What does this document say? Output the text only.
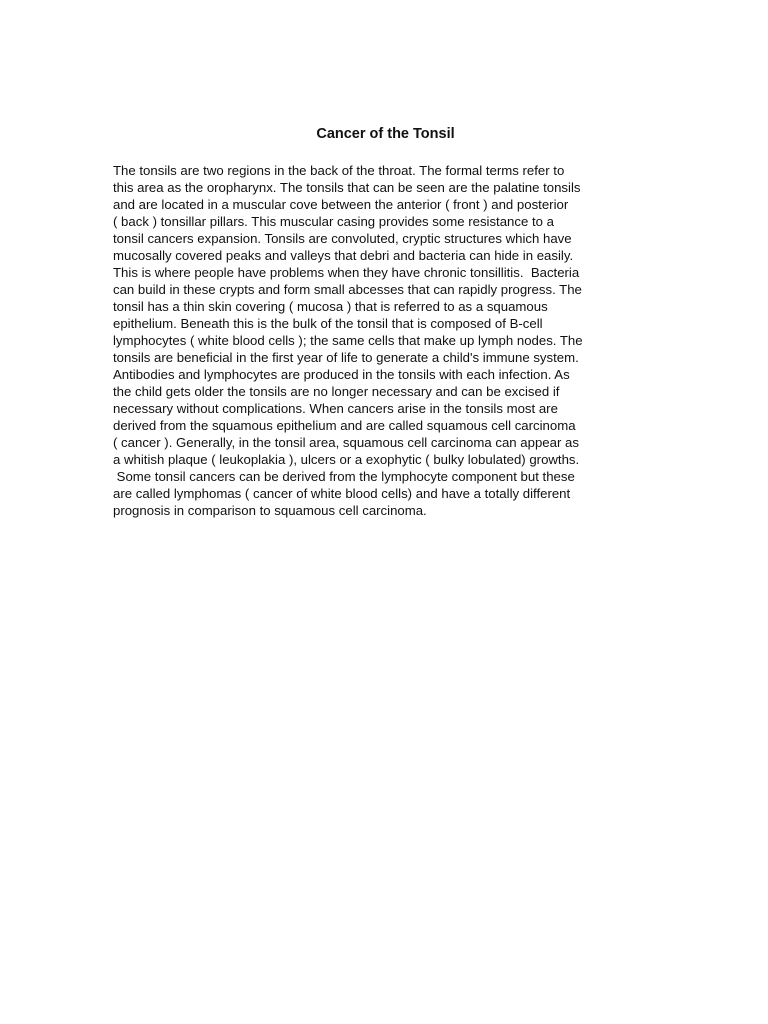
Cancer of the Tonsil
The tonsils are two regions in the back of the throat. The formal terms refer to
this area as the oropharynx. The tonsils that can be seen are the palatine tonsils
and are located in a muscular cove between the anterior ( front ) and posterior
( back ) tonsillar pillars. This muscular casing provides some resistance to a
tonsil cancers expansion. Tonsils are convoluted, cryptic structures which have
mucosally covered peaks and valleys that debri and bacteria can hide in easily.
This is where people have problems when they have chronic tonsillitis.  Bacteria
can build in these crypts and form small abcesses that can rapidly progress. The
tonsil has a thin skin covering ( mucosa ) that is referred to as a squamous
epithelium. Beneath this is the bulk of the tonsil that is composed of B-cell
lymphocytes ( white blood cells ); the same cells that make up lymph nodes. The
tonsils are beneficial in the first year of life to generate a child's immune system.
Antibodies and lymphocytes are produced in the tonsils with each infection. As
the child gets older the tonsils are no longer necessary and can be excised if
necessary without complications. When cancers arise in the tonsils most are
derived from the squamous epithelium and are called squamous cell carcinoma
( cancer ). Generally, in the tonsil area, squamous cell carcinoma can appear as
a whitish plaque ( leukoplakia ), ulcers or a exophytic ( bulky lobulated) growths.
Some tonsil cancers can be derived from the lymphocyte component but these
are called lymphomas ( cancer of white blood cells) and have a totally different
prognosis in comparison to squamous cell carcinoma.
